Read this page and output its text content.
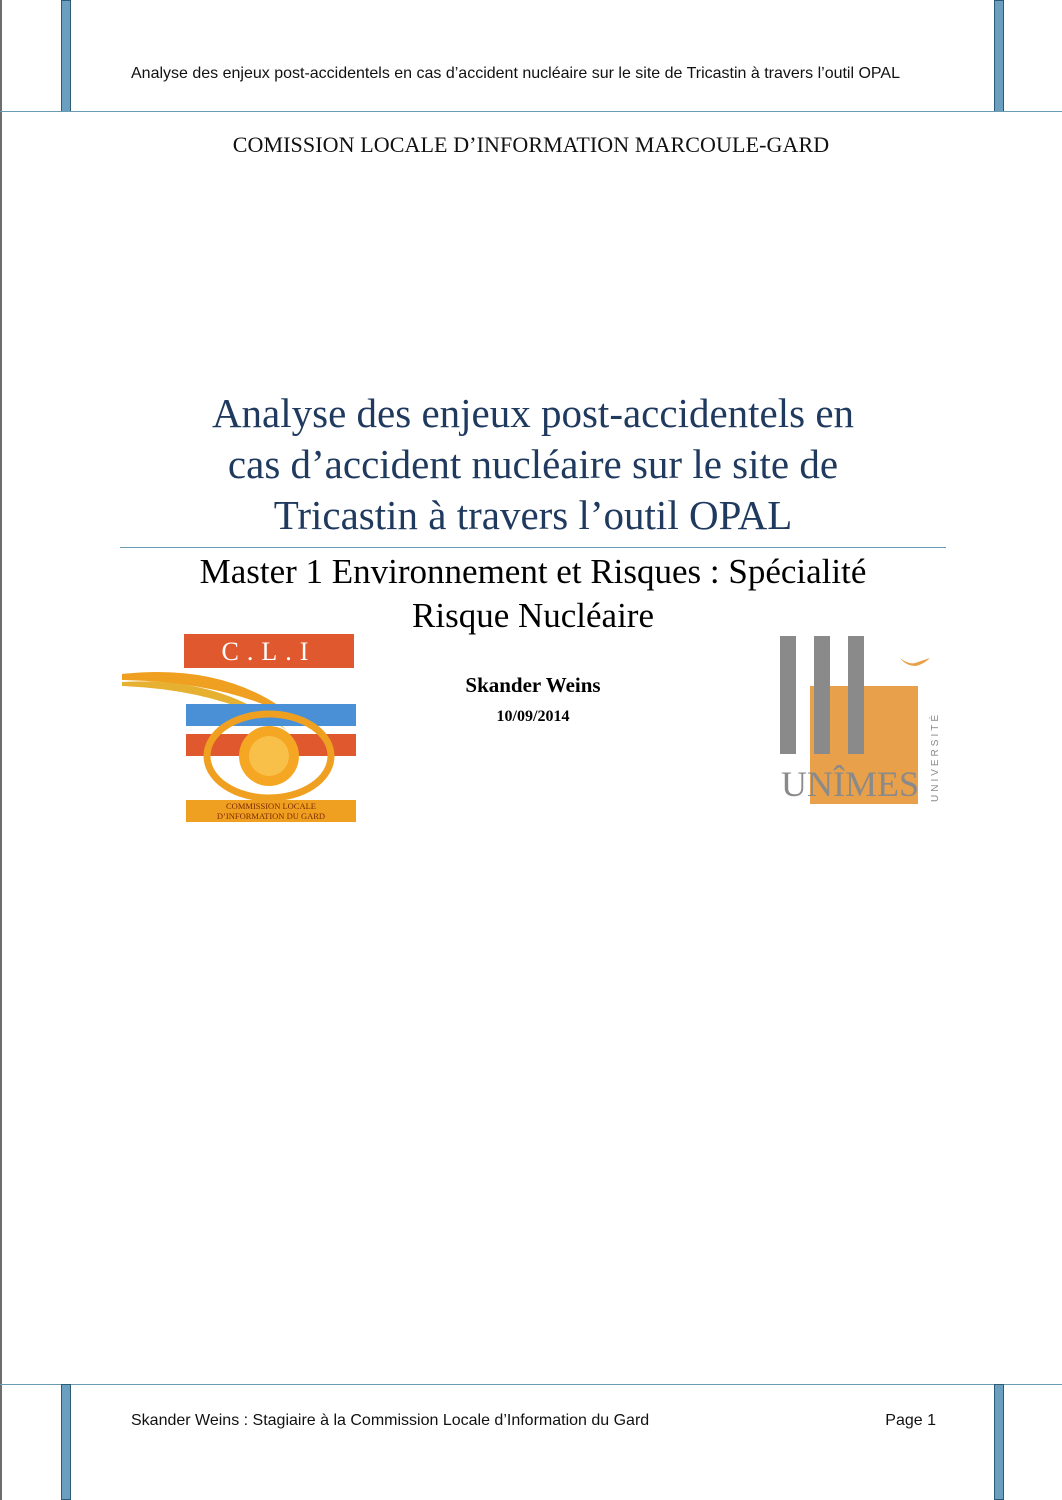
Analyse des enjeux post-accidentels en cas d’accident nucléaire sur le site de Tricastin à travers l’outil OPAL
COMISSION LOCALE D’INFORMATION MARCOULE-GARD
Analyse des enjeux post-accidentels en
cas d’accident nucléaire sur le site de
Tricastin à travers l’outil OPAL
Master 1 Environnement et Risques : Spécialité
Risque Nucléaire
C.L.I
COMMISSION LOCALE
D’INFORMATION DU GARD
Skander Weins
10/09/2014
UNÎMES UNIVERSITÉ
Skander Weins : Stagiaire à la Commission Locale d’Information du Gard	Page 1
